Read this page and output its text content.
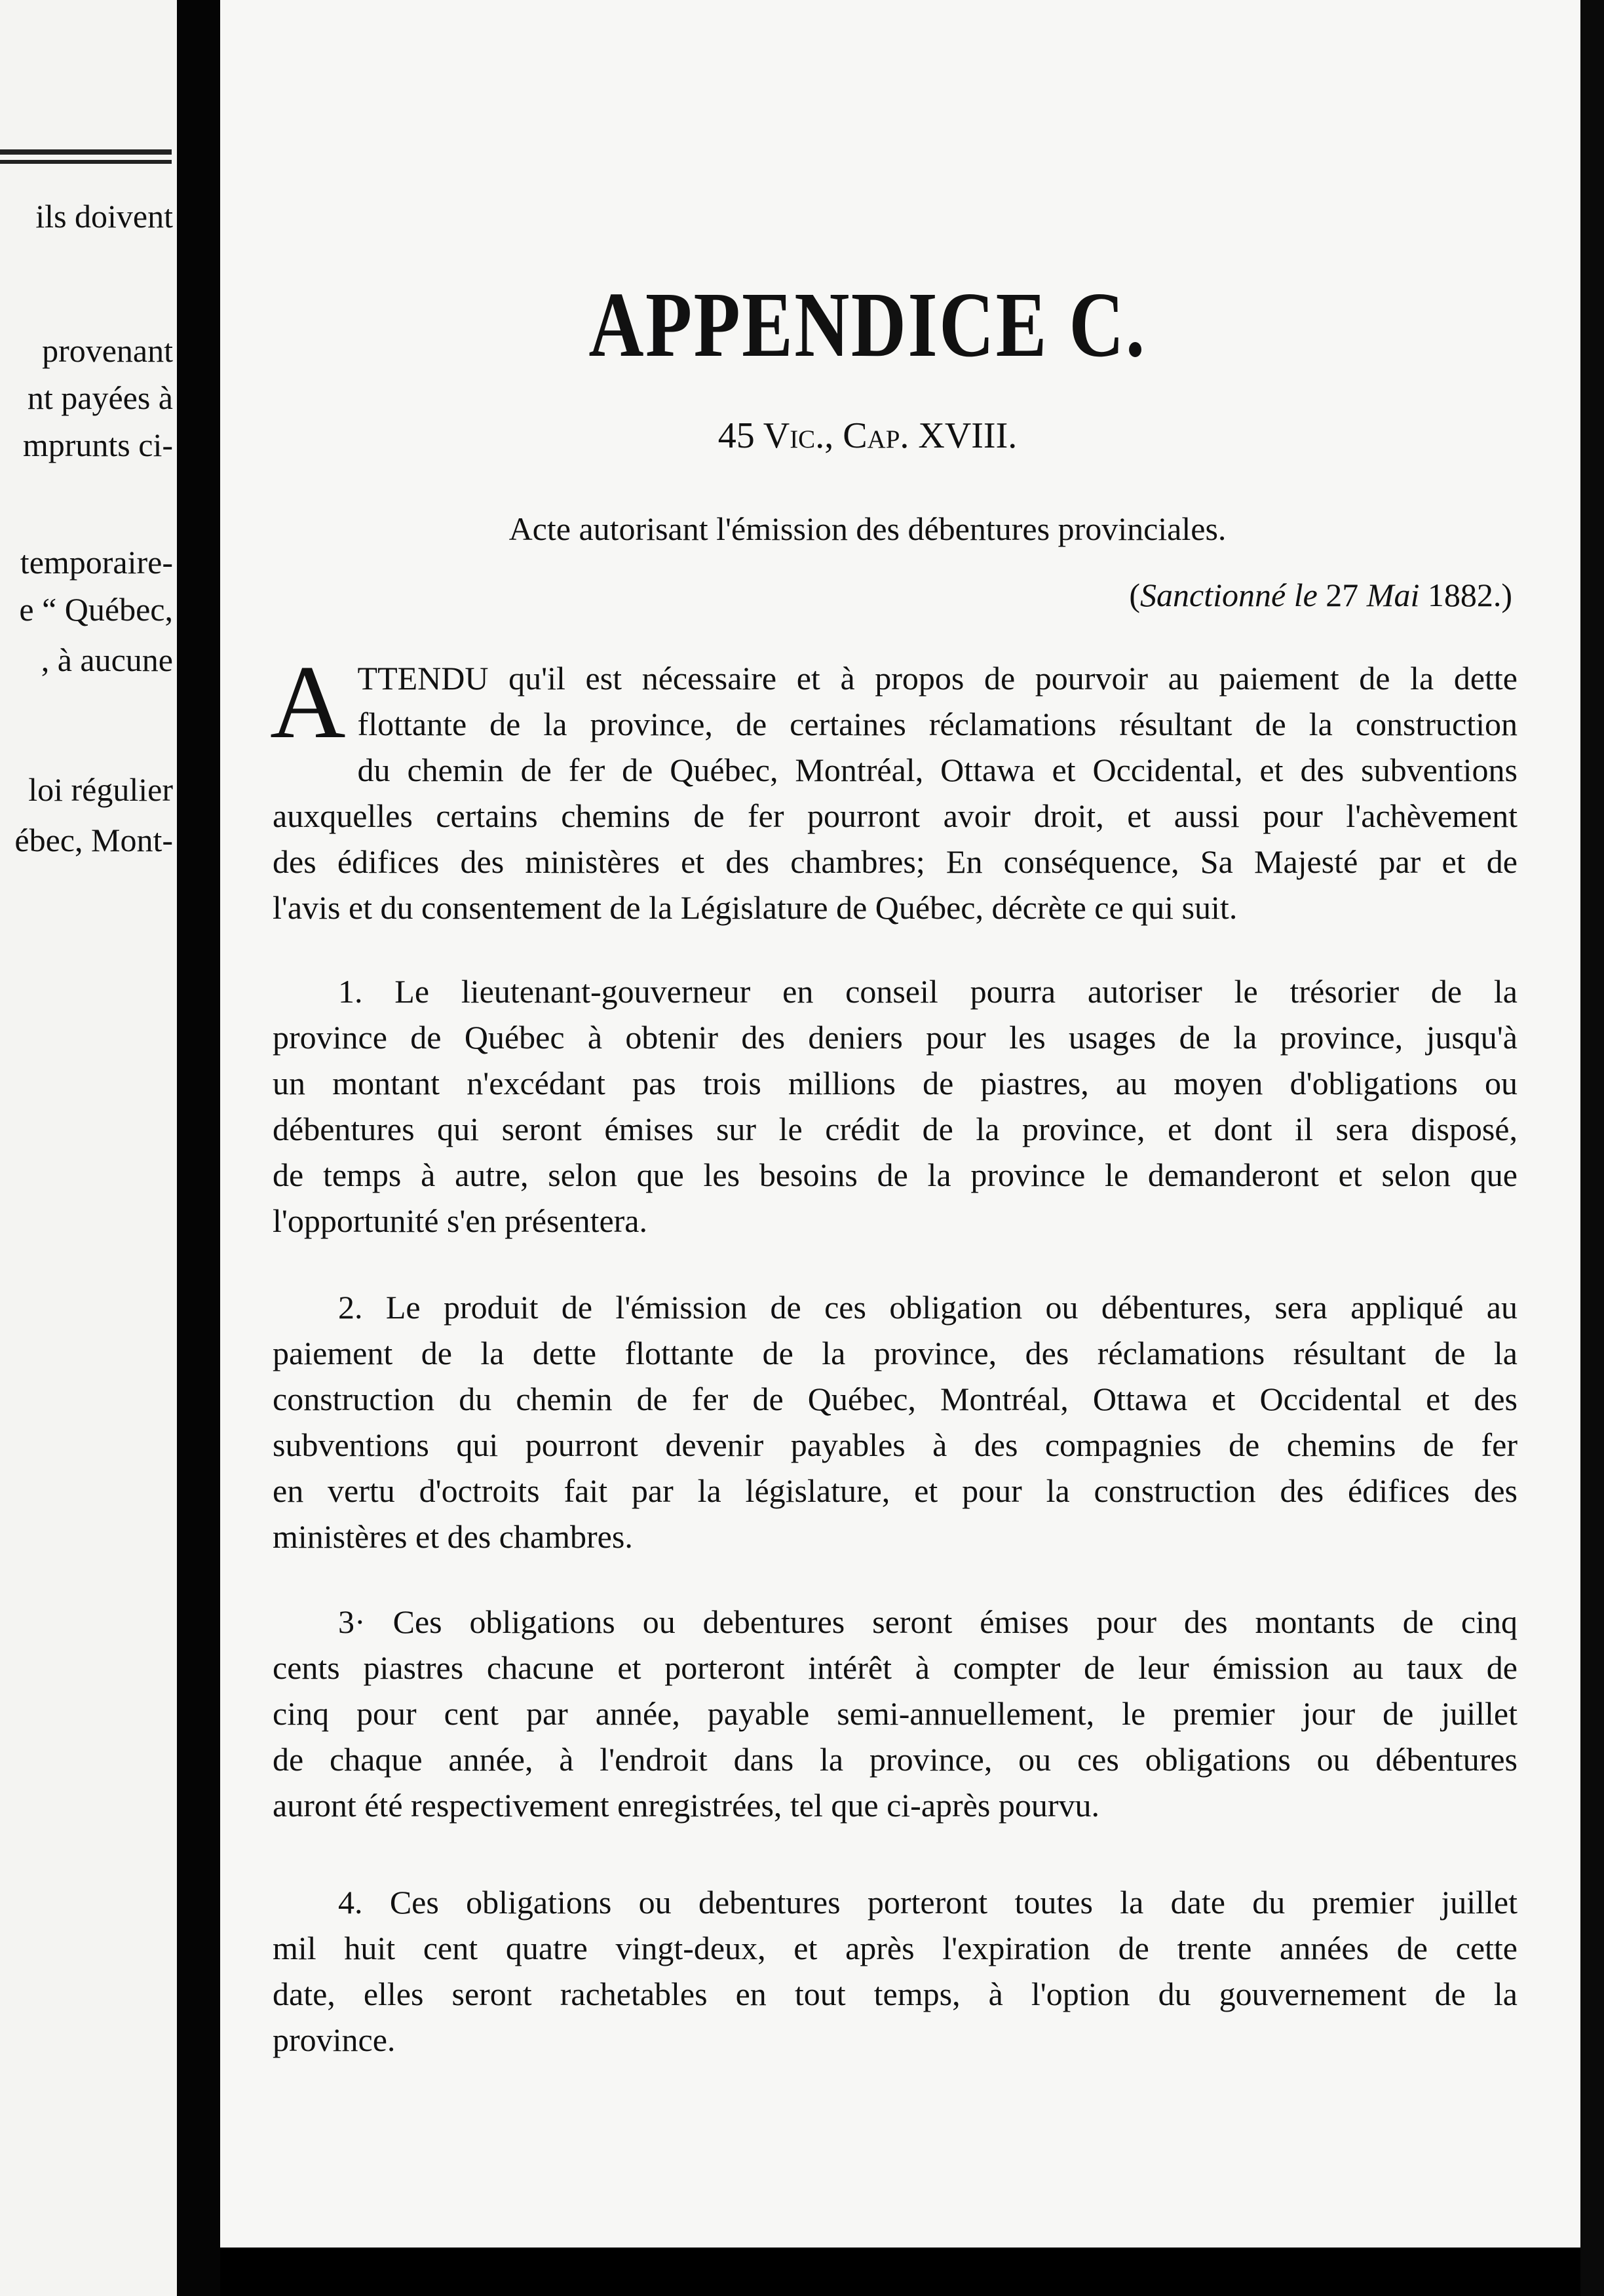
ils doivent
provenant
nt payées à
mprunts ci-
temporaire-
e “ Québec,
, à aucune
loi régulier
ébec, Mont-
APPENDICE C.

45 Vic., Cap. XVIII.

Acte autorisant l'émission des débentures provinciales.

(Sanctionné le 27 Mai 1882.)

A TTENDU qu'il est nécessaire et à propos de pourvoir au paiement de la dette
flottante de la province, de certaines réclamations résultant de la construction
du chemin de fer de Québec, Montréal, Ottawa et Occidental, et des subventions
auxquelles certains chemins de fer pourront avoir droit, et aussi pour l'achèvement
des édifices des ministères et des chambres; En conséquence, Sa Majesté par et de
l'avis et du consentement de la Législature de Québec, décrète ce qui suit.
1. Le lieutenant-gouverneur en conseil pourra autoriser le trésorier de la
province de Québec à obtenir des deniers pour les usages de la province, jusqu'à
un montant n'excédant pas trois millions de piastres, au moyen d'obligations ou
débentures qui seront émises sur le crédit de la province, et dont il sera disposé,
de temps à autre, selon que les besoins de la province le demanderont et selon que
l'opportunité s'en présentera.
2. Le produit de l'émission de ces obligation ou débentures, sera appliqué au
paiement de la dette flottante de la province, des réclamations résultant de la
construction du chemin de fer de Québec, Montréal, Ottawa et Occidental et des
subventions qui pourront devenir payables à des compagnies de chemins de fer
en vertu d'octroits fait par la législature, et pour la construction des édifices des
ministères et des chambres.
3· Ces obligations ou debentures seront émises pour des montants de cinq
cents piastres chacune et porteront intérêt à compter de leur émission au taux de
cinq pour cent par année, payable semi-annuellement, le premier jour de juillet
de chaque année, à l'endroit dans la province, ou ces obligations ou débentures
auront été respectivement enregistrées, tel que ci-après pourvu.
4. Ces obligations ou debentures porteront toutes la date du premier juillet
mil huit cent quatre vingt-deux, et après l'expiration de trente années de cette
date, elles seront rachetables en tout temps, à l'option du gouvernement de la
province.
